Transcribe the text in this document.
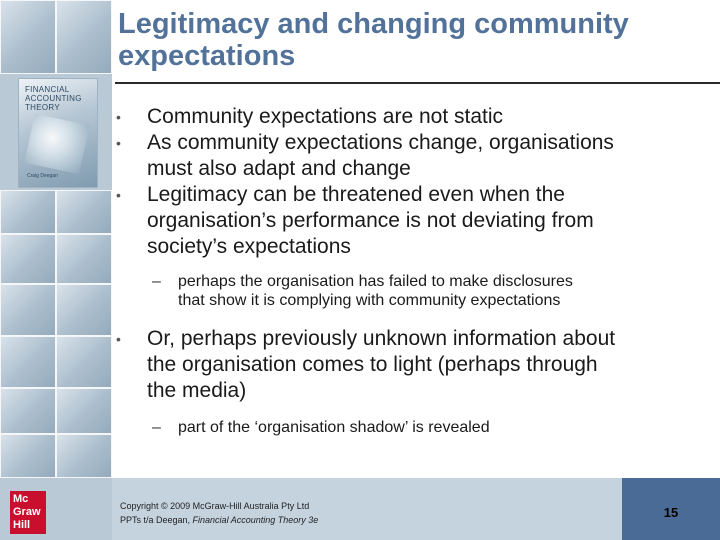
FINANCIAL
ACCOUNTING
THEORY
Craig Deegan
Mc
Graw
Hill
Legitimacy and changing community
expectations
• Community expectations are not static
• As community expectations change, organisations
must also adapt and change
• Legitimacy can be threatened even when the
organisation’s performance is not deviating from
society’s expectations
– perhaps the organisation has failed to make disclosures
that show it is complying with community expectations
• Or, perhaps previously unknown information about
the organisation comes to light (perhaps through
the media)
– part of the ‘organisation shadow’ is revealed
Copyright © 2009 McGraw-Hill Australia Pty Ltd
PPTs t/a Deegan, Financial Accounting Theory 3e	15
